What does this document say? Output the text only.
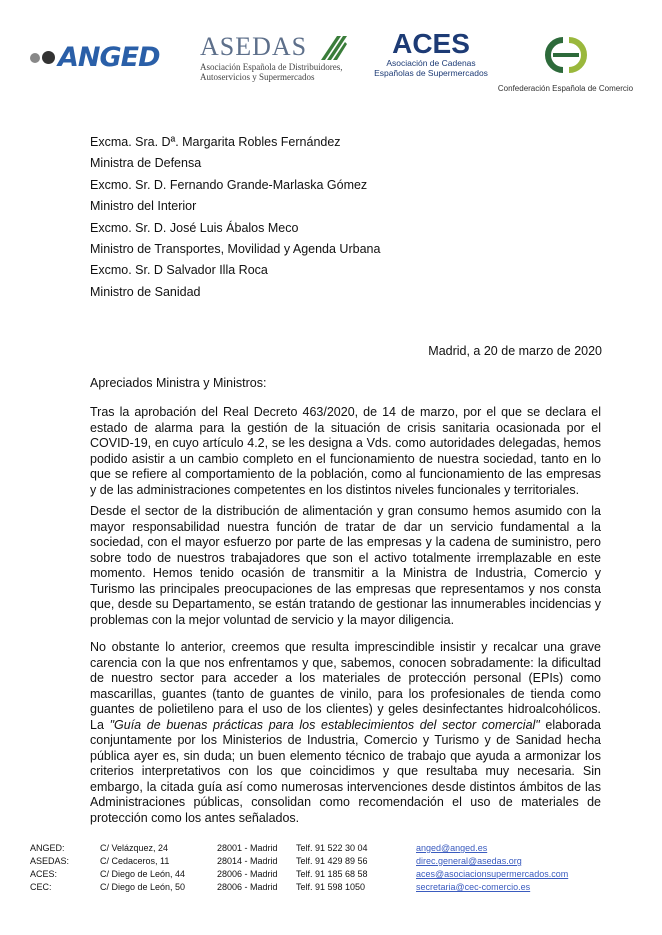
ANGED ASEDAS
Asociación Española de Distribuidores,
Autoservicios y Supermercados
ACES
Asociación de Cadenas
Españolas de Supermercados
Confederación Española de Comercio
Excma. Sra. Dª. Margarita Robles Fernández
Ministra de Defensa
Excmo. Sr. D. Fernando Grande-Marlaska Gómez
Ministro del Interior
Excmo. Sr. D. José Luis Ábalos Meco
Ministro de Transportes, Movilidad y Agenda Urbana
Excmo. Sr. D Salvador Illa Roca
Ministro de Sanidad
Madrid, a 20 de marzo de 2020
Apreciados Ministra y Ministros:
Tras la aprobación del Real Decreto 463/2020, de 14 de marzo, por el que se declara el estado de alarma para la gestión de la situación de crisis sanitaria ocasionada por el COVID-19, en cuyo artículo 4.2, se les designa a Vds. como autoridades delegadas, hemos podido asistir a un cambio completo en el funcionamiento de nuestra sociedad, tanto en lo que se refiere al comportamiento de la población, como al funcionamiento de las empresas y de las administraciones competentes en los distintos niveles funcionales y territoriales.
Desde el sector de la distribución de alimentación y gran consumo hemos asumido con la mayor responsabilidad nuestra función de tratar de dar un servicio fundamental a la sociedad, con el mayor esfuerzo por parte de las empresas y la cadena de suministro, pero sobre todo de nuestros trabajadores que son el activo totalmente irremplazable en este momento. Hemos tenido ocasión de transmitir a la Ministra de Industria, Comercio y Turismo las principales preocupaciones de las empresas que representamos y nos consta que, desde su Departamento, se están tratando de gestionar las innumerables incidencias y problemas con la mejor voluntad de servicio y la mayor diligencia.
No obstante lo anterior, creemos que resulta imprescindible insistir y recalcar una grave carencia con la que nos enfrentamos y que, sabemos, conocen sobradamente: la dificultad de nuestro sector para acceder a los materiales de protección personal (EPIs) como mascarillas, guantes (tanto de guantes de vinilo, para los profesionales de tienda como guantes de polietileno para el uso de los clientes) y geles desinfectantes hidroalcohólicos. La "Guía de buenas prácticas para los establecimientos del sector comercial" elaborada conjuntamente por los Ministerios de Industria, Comercio y Turismo y de Sanidad hecha pública ayer es, sin duda; un buen elemento técnico de trabajo que ayuda a armonizar los criterios interpretativos con los que coincidimos y que resultaba muy necesaria. Sin embargo, la citada guía así como numerosas intervenciones desde distintos ámbitos de las Administraciones públicas, consolidan como recomendación el uso de materiales de protección como los antes señalados.
ANGED:	C/ Velázquez, 24	28001 - Madrid Telf. 91 522 30 04	anged@anged.es
ASEDAS:	C/ Cedaceros, 11	28014 - Madrid Telf. 91 429 89 56	direc.general@asedas.org
ACES:	C/ Diego de León, 44	28006 - Madrid Telf. 91 185 68 58	aces@asociacionsupermercados.com
CEC:	C/ Diego de León, 50	28006 - Madrid Telf. 91 598 1050	secretaria@cec-comercio.es
